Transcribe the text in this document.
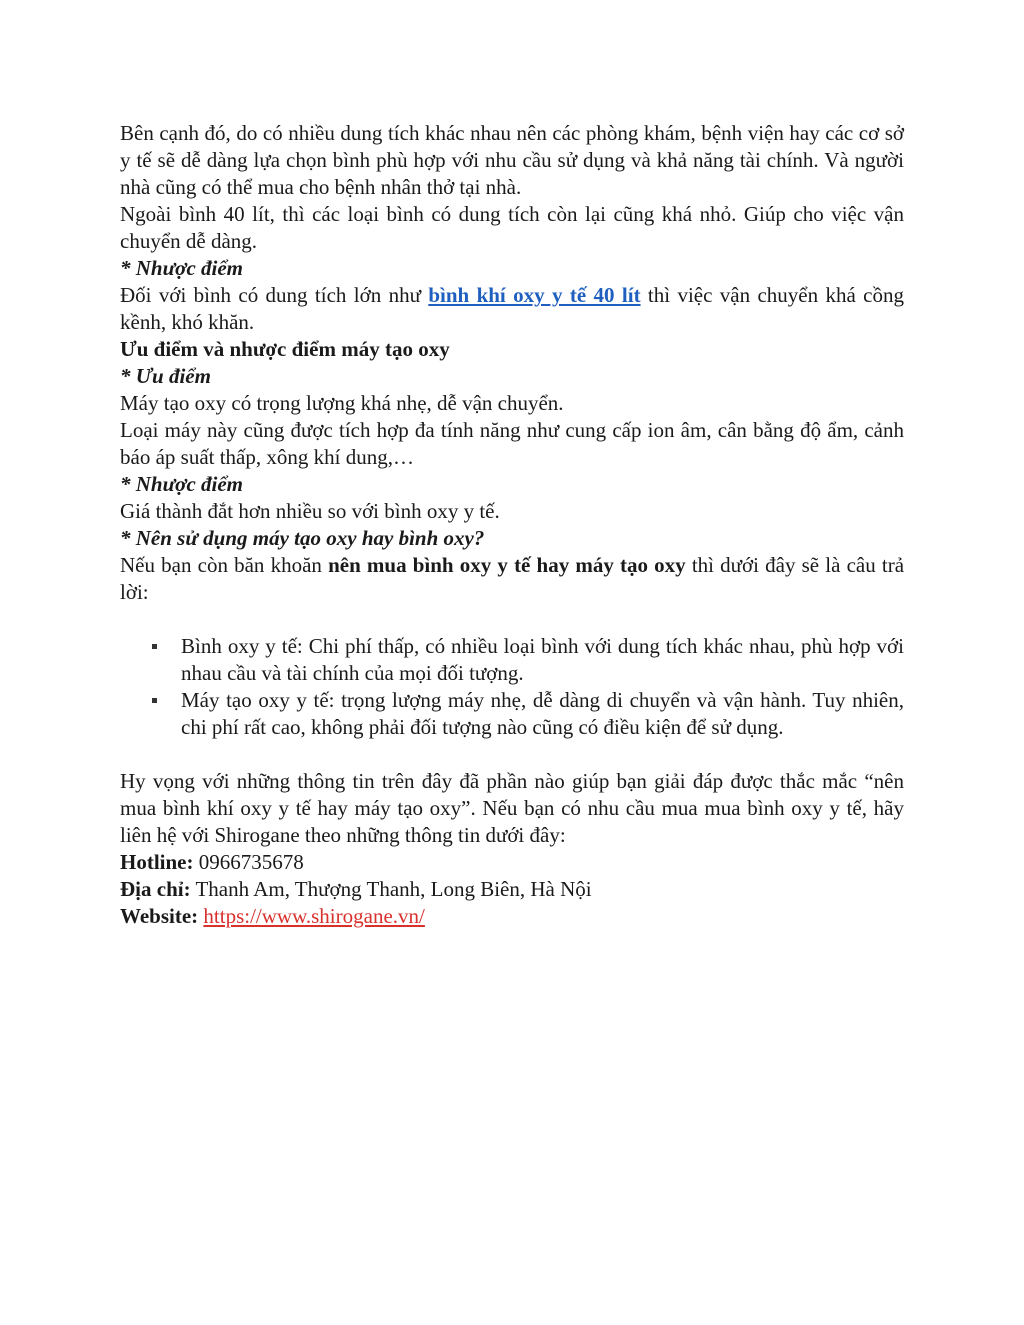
Bên cạnh đó, do có nhiều dung tích khác nhau nên các phòng khám, bệnh viện hay các cơ sở y tế sẽ dễ dàng lựa chọn bình phù hợp với nhu cầu sử dụng và khả năng tài chính. Và người nhà cũng có thể mua cho bệnh nhân thở tại nhà.

Ngoài bình 40 lít, thì các loại bình có dung tích còn lại cũng khá nhỏ. Giúp cho việc vận chuyển dễ dàng.

* Nhược điểm

Đối với bình có dung tích lớn như bình khí oxy y tế 40 lít thì việc vận chuyển khá cồng kềnh, khó khăn.

Ưu điểm và nhược điểm máy tạo oxy

* Ưu điểm

Máy tạo oxy có trọng lượng khá nhẹ, dễ vận chuyển.

Loại máy này cũng được tích hợp đa tính năng như cung cấp ion âm, cân bằng độ ẩm, cảnh báo áp suất thấp, xông khí dung,…

* Nhược điểm

Giá thành đắt hơn nhiều so với bình oxy y tế.

* Nên sử dụng máy tạo oxy hay bình oxy?

Nếu bạn còn băn khoăn nên mua bình oxy y tế hay máy tạo oxy thì dưới đây sẽ là câu trả lời:

Bình oxy y tế: Chi phí thấp, có nhiều loại bình với dung tích khác nhau, phù hợp với nhau cầu và tài chính của mọi đối tượng.
Máy tạo oxy y tế: trọng lượng máy nhẹ, dễ dàng di chuyển và vận hành. Tuy nhiên, chi phí rất cao, không phải đối tượng nào cũng có điều kiện để sử dụng.

Hy vọng với những thông tin trên đây đã phần nào giúp bạn giải đáp được thắc mắc “nên mua bình khí oxy y tế hay máy tạo oxy”. Nếu bạn có nhu cầu mua mua bình oxy y tế, hãy liên hệ với Shirogane theo những thông tin dưới đây:

Hotline: 0966735678

Địa chỉ: Thanh Am, Thượng Thanh, Long Biên, Hà Nội

Website: https://www.shirogane.vn/
